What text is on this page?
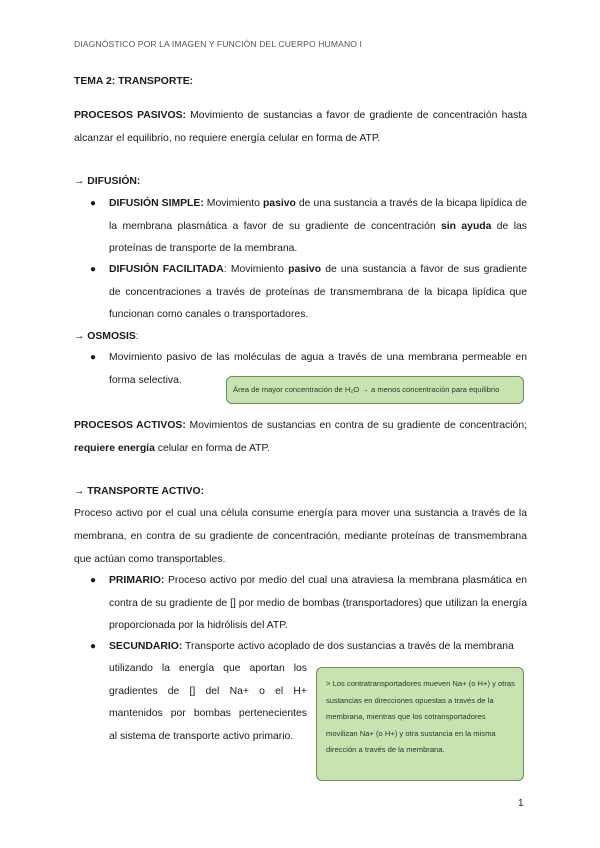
DIAGNÓSTICO POR LA IMAGEN Y FUNCIÓN DEL CUERPO HUMANO I
TEMA 2: TRANSPORTE:
PROCESOS PASIVOS: Movimiento de sustancias a favor de gradiente de concentración hasta alcanzar el equilibrio, no requiere energía celular en forma de ATP.
→ DIFUSIÓN:
● DIFUSIÓN SIMPLE: Movimiento pasivo de una sustancia a través de la bicapa lipídica de la membrana plasmática a favor de su gradiente de concentración sin ayuda de las proteínas de transporte de la membrana.
● DIFUSIÓN FACILITADA: Movimiento pasivo de una sustancia a favor de sus gradiente de concentraciones a través de proteínas de transmembrana de la bicapa lipídica que funcionan como canales o transportadores.
→ OSMOSIS:
● Movimiento pasivo de las moléculas de agua a través de una membrana permeable en forma selectiva.
Área de mayor concentración de H₂O → a menos concentración para equilibrio
PROCESOS ACTIVOS: Movimientos de sustancias en contra de su gradiente de concentración; requiere energía celular en forma de ATP.
→ TRANSPORTE ACTIVO:
Proceso activo por el cual una célula consume energía para mover una sustancia a través de la membrana, en contra de su gradiente de concentración, mediante proteínas de transmembrana que actúan como transportables.
● PRIMARIO: Proceso activo por medio del cual una atraviesa la membrana plasmática en contra de su gradiente de [] por medio de bombas (transportadores) que utilizan la energía proporcionada por la hidrólisis del ATP.
● SECUNDARIO: Transporte activo acoplado de dos sustancias a través de la membrana
utilizando la energía que aportan los
gradientes de [] del Na+ o el H+
mantenidos por bombas pertenecientes
al sistema de transporte activo primario.
> Los contratransportadores mueven Na+ (o H+) y otras sustancias en direcciones opuestas a través de la membrana, mientras que los cotransportadores movilizan Na+ (o H+) y otra sustancia en la misma dirección a través de la membrana.
1
